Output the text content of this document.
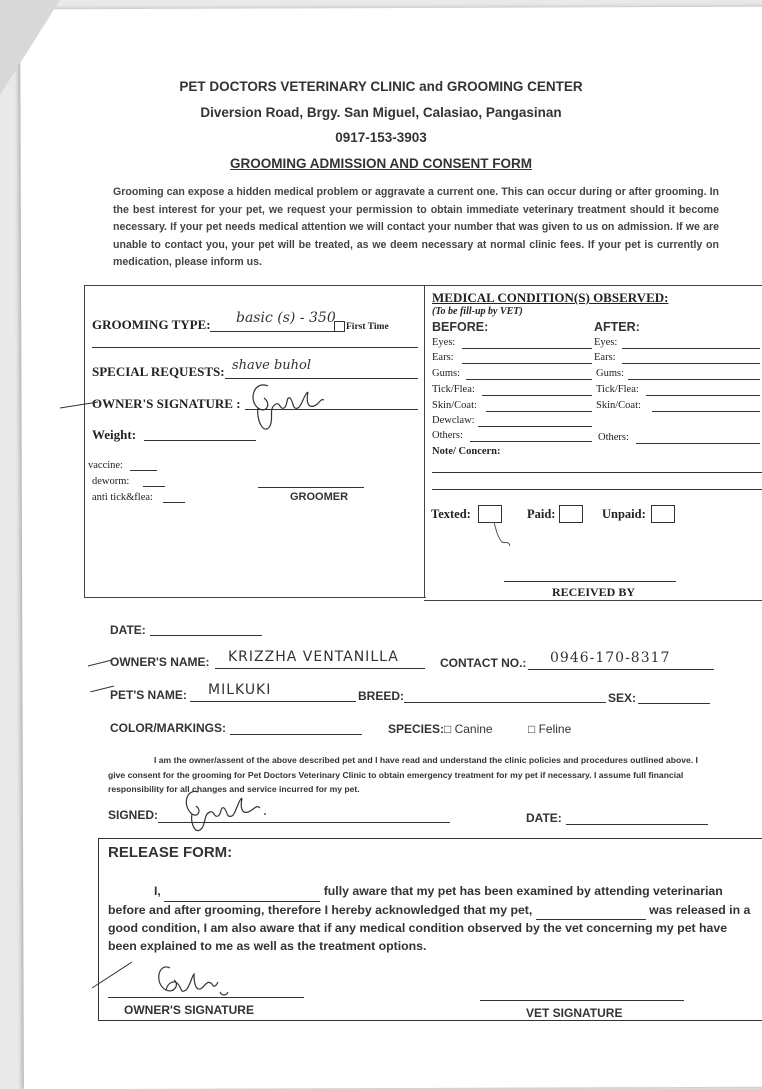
PET DOCTORS VETERINARY CLINIC and GROOMING CENTER
Diversion Road, Brgy. San Miguel, Calasiao, Pangasinan
0917-153-3903
GROOMING ADMISSION AND CONSENT FORM
Grooming can expose a hidden medical problem or aggravate a current one. This can occur during or after grooming. In the best interest for your pet, we request your permission to obtain immediate veterinary treatment should it become necessary. If your pet needs medical attention we will contact your number that was given to us on admission. If we are unable to contact you, your pet will be treated, as we deem necessary at normal clinic fees. If your pet is currently on medication, please inform us.
GROOMING TYPE: basic (s) - 350
First Time
SPECIAL REQUESTS: shave buhol
OWNER'S SIGNATURE :
Weight:
vaccine:
deworm:
anti tick&flea:	GROOMER
MEDICAL CONDITION(S) OBSERVED:
(To be fill-up by VET)
BEFORE:	AFTER:
Eyes:	Eyes:
Ears:	Ears:
Gums:	Gums:
Tick/Flea:	Tick/Flea:
Skin/Coat:	Skin/Coat:
Dewclaw:
Others:	Others:
Note/ Concern:
Texted:	Paid:	Unpaid:
RECEIVED BY
DATE:
OWNER'S NAME: KRIZZHA VENTANILLA	CONTACT NO.: 0946-170-8317
PET'S NAME: MILKUKI	BREED:	SEX:
COLOR/MARKINGS:	SPECIES: □ Canine	□ Feline
I am the owner/assent of the above described pet and I have read and understand the clinic policies and procedures outlined above. I give consent for the grooming for Pet Doctors Veterinary Clinic to obtain emergency treatment for my pet if necessary. I assume full financial responsibility for all changes and service incurred for my pet.
SIGNED:	DATE:
RELEASE FORM:
I,	fully aware that my pet has been examined by attending veterinarian before and after grooming, therefore I hereby acknowledged that my pet,	was released in a good condition, I am also aware that if any medical condition observed by the vet concerning my pet have been explained to me as well as the treatment options.
OWNER'S SIGNATURE	VET SIGNATURE
